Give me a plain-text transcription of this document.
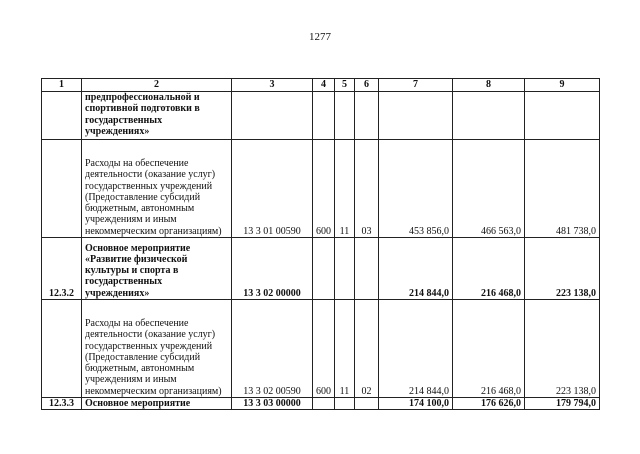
1277
1	2	3	4	5	6	7	8	9
	предпрофессиональной и спортивной подготовки в государственных учреждениях»							
	Расходы на обеспечение деятельности (оказание услуг) государственных учреждений (Предоставление субсидий бюджетным, автономным учреждениям и иным некоммерческим организациям)	13 3 01 00590	600	11	03	453 856,0	466 563,0	481 738,0
12.3.2	Основное мероприятие «Развитие физической культуры и спорта в государственных учреждениях»	13 3 02 00000				214 844,0	216 468,0	223 138,0
	Расходы на обеспечение деятельности (оказание услуг) государственных учреждений (Предоставление субсидий бюджетным, автономным учреждениям и иным некоммерческим организациям)	13 3 02 00590	600	11	02	214 844,0	216 468,0	223 138,0
12.3.3	Основное мероприятие	13 3 03 00000				174 100,0	176 626,0	179 794,0
